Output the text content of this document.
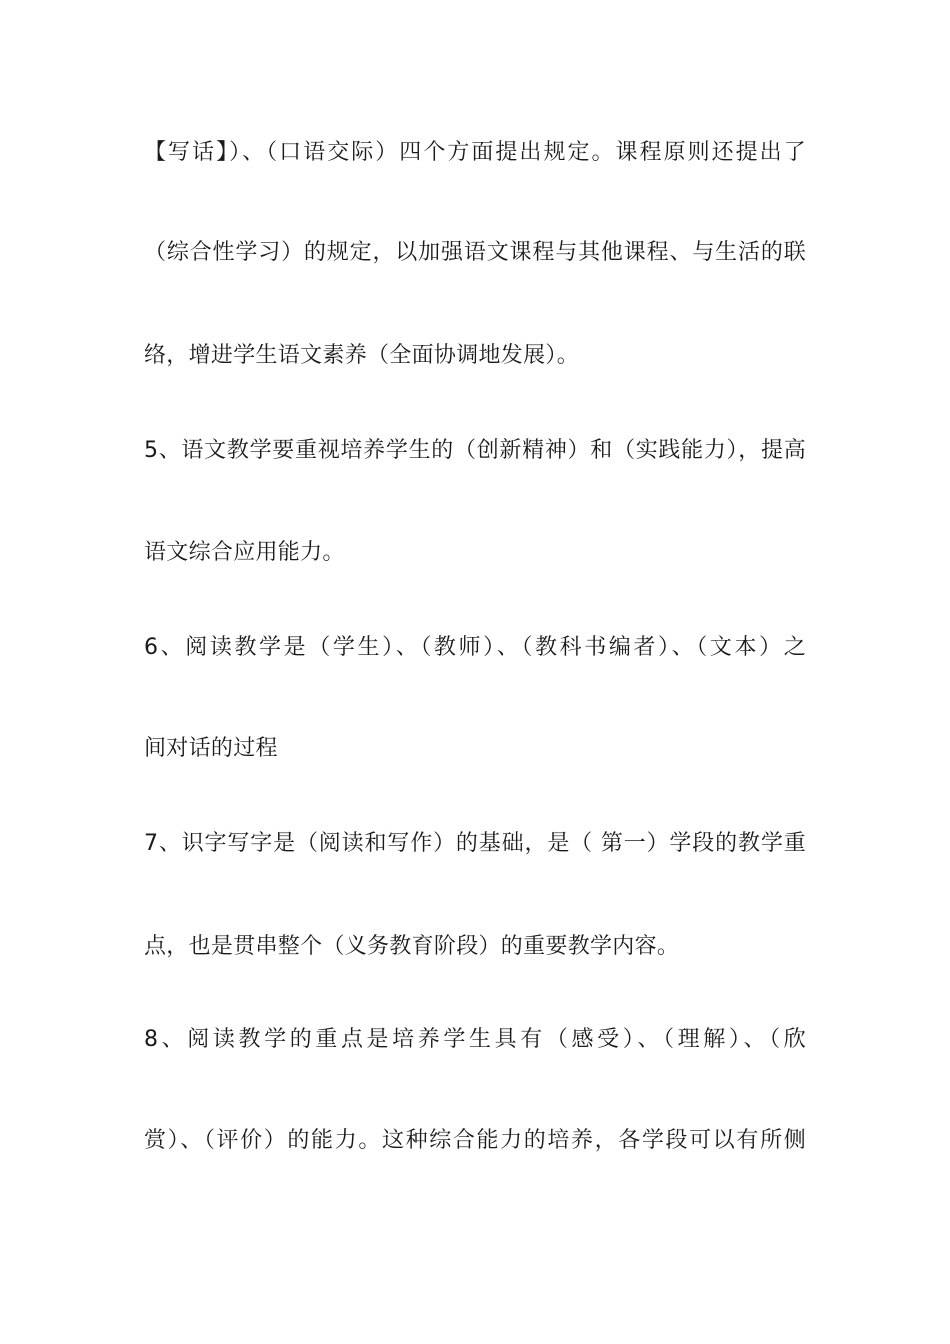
【写话】）、（口语交际）四个方面提出规定。课程原则还提出了
（综合性学习）的规定，以加强语文课程与其他课程、与生活的联
络，增进学生语文素养（全面协调地发展）。
5、语文教学要重视培养学生的（创新精神）和（实践能力），提高
语文综合应用能力。
6、阅读教学是（学生）、（教师）、（教科书编者）、（文本）之
间对话的过程
7、识字写字是（阅读和写作）的基础，是（ 第一）学段的教学重
点，也是贯串整个（义务教育阶段）的重要教学内容。
8、阅读教学的重点是培养学生具有（感受）、（理解）、（欣
赏）、（评价）的能力。这种综合能力的培养，各学段可以有所侧
